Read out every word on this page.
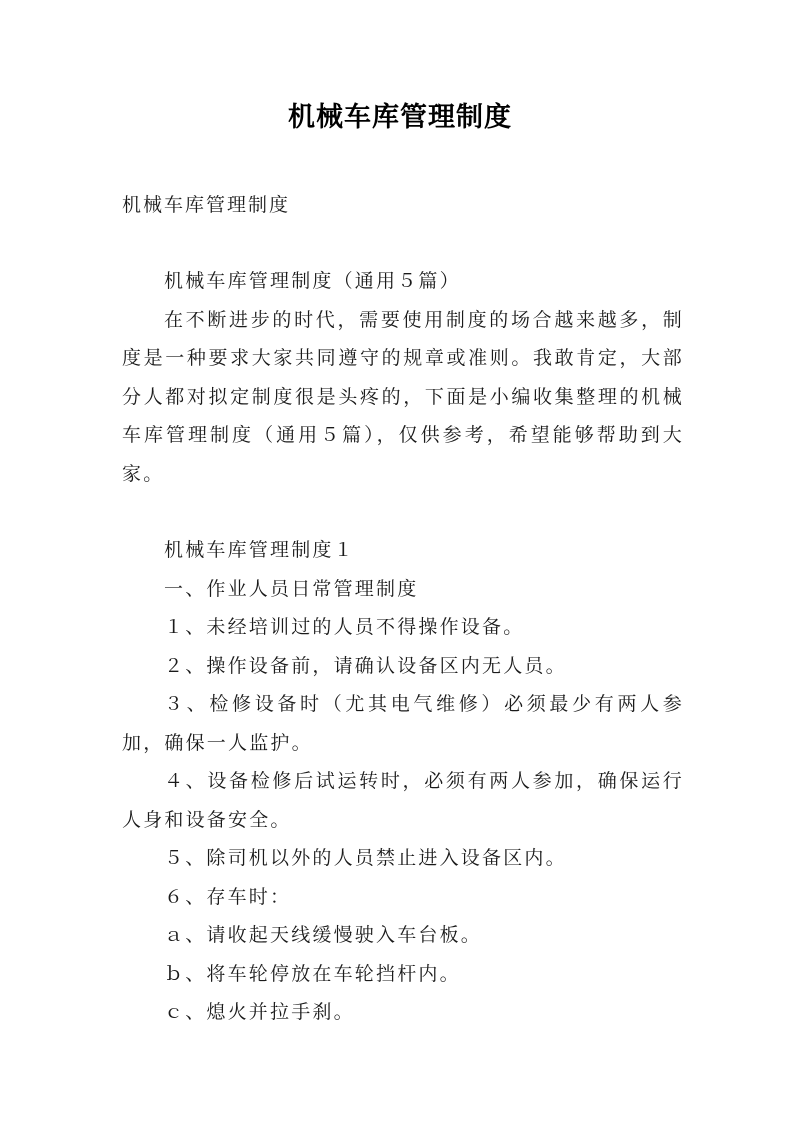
机械车库管理制度
机械车库管理制度

机械车库管理制度（通用５篇）

在不断进步的时代，需要使用制度的场合越来越多，制度是一种要求大家共同遵守的规章或准则。我敢肯定，大部分人都对拟定制度很是头疼的，下面是小编收集整理的机械车库管理制度（通用５篇），仅供参考，希望能够帮助到大家。

机械车库管理制度１

一、作业人员日常管理制度

１、未经培训过的人员不得操作设备。

２、操作设备前，请确认设备区内无人员。

３、检修设备时（尤其电气维修）必须最少有两人参加，确保一人监护。

４、设备检修后试运转时，必须有两人参加，确保运行人身和设备安全。

５、除司机以外的人员禁止进入设备区内。

６、存车时：

ａ、请收起天线缓慢驶入车台板。

ｂ、将车轮停放在车轮挡杆内。

ｃ、熄火并拉手刹。
